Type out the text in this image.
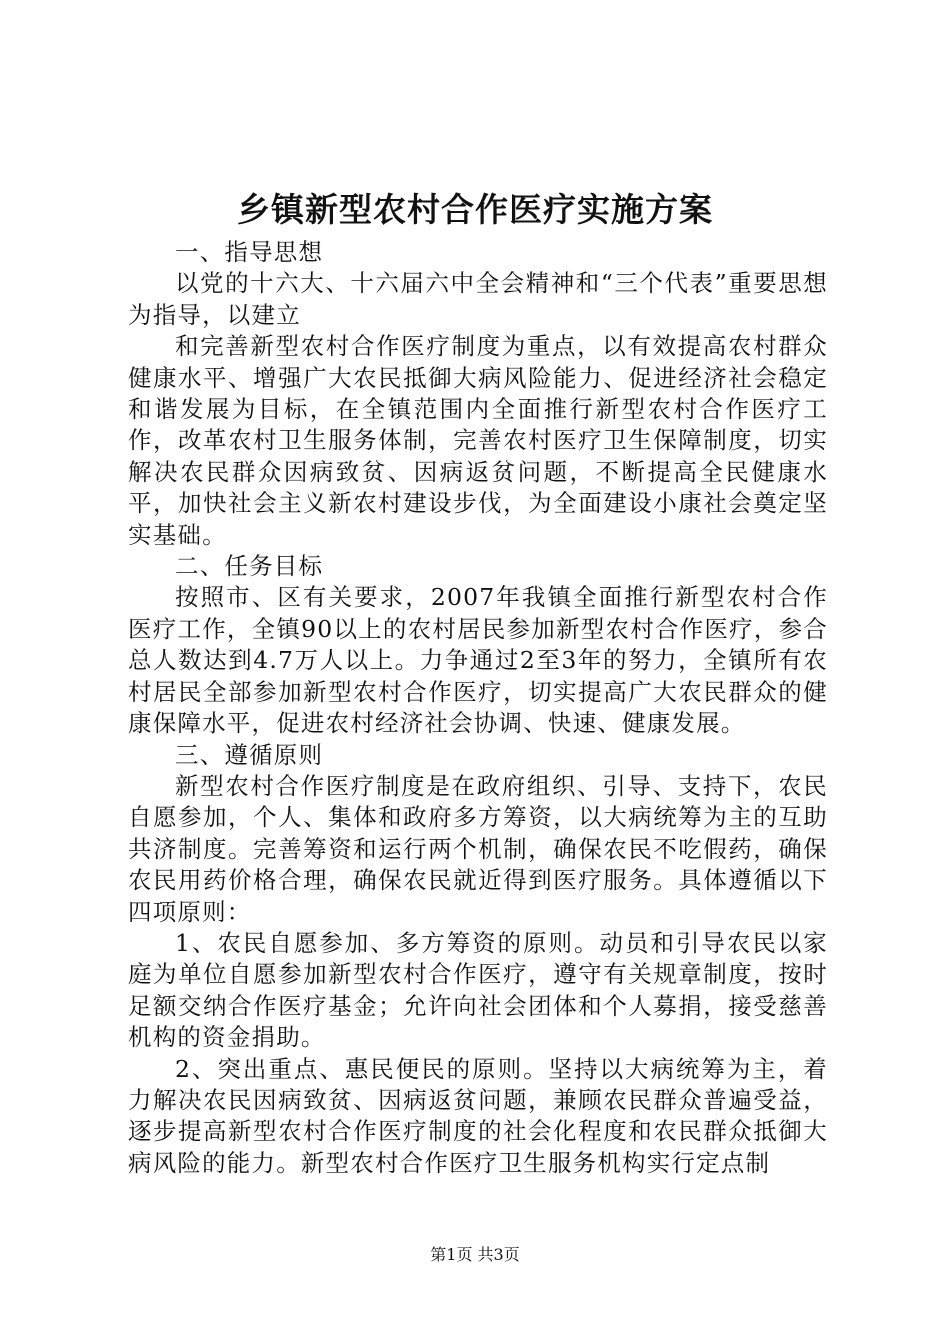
乡镇新型农村合作医疗实施方案

一、指导思想

以党的十六大、十六届六中全会精神和“三个代表”重要思想为指导，以建立

和完善新型农村合作医疗制度为重点，以有效提高农村群众健康水平、增强广大农民抵御大病风险能力、促进经济社会稳定和谐发展为目标，在全镇范围内全面推行新型农村合作医疗工作，改革农村卫生服务体制，完善农村医疗卫生保障制度，切实解决农民群众因病致贫、因病返贫问题，不断提高全民健康水平，加快社会主义新农村建设步伐，为全面建设小康社会奠定坚实基础。

二、任务目标

按照市、区有关要求，2007年我镇全面推行新型农村合作医疗工作，全镇90以上的农村居民参加新型农村合作医疗，参合总人数达到4.7万人以上。力争通过2至3年的努力，全镇所有农村居民全部参加新型农村合作医疗，切实提高广大农民群众的健康保障水平，促进农村经济社会协调、快速、健康发展。

三、遵循原则

新型农村合作医疗制度是在政府组织、引导、支持下，农民自愿参加，个人、集体和政府多方筹资，以大病统筹为主的互助共济制度。完善筹资和运行两个机制，确保农民不吃假药，确保农民用药价格合理，确保农民就近得到医疗服务。具体遵循以下四项原则：

1、农民自愿参加、多方筹资的原则。动员和引导农民以家庭为单位自愿参加新型农村合作医疗，遵守有关规章制度，按时足额交纳合作医疗基金；允许向社会团体和个人募捐，接受慈善机构的资金捐助。

2、突出重点、惠民便民的原则。坚持以大病统筹为主，着力解决农民因病致贫、因病返贫问题，兼顾农民群众普遍受益，逐步提高新型农村合作医疗制度的社会化程度和农民群众抵御大病风险的能力。新型农村合作医疗卫生服务机构实行定点制

第1页 共3页
